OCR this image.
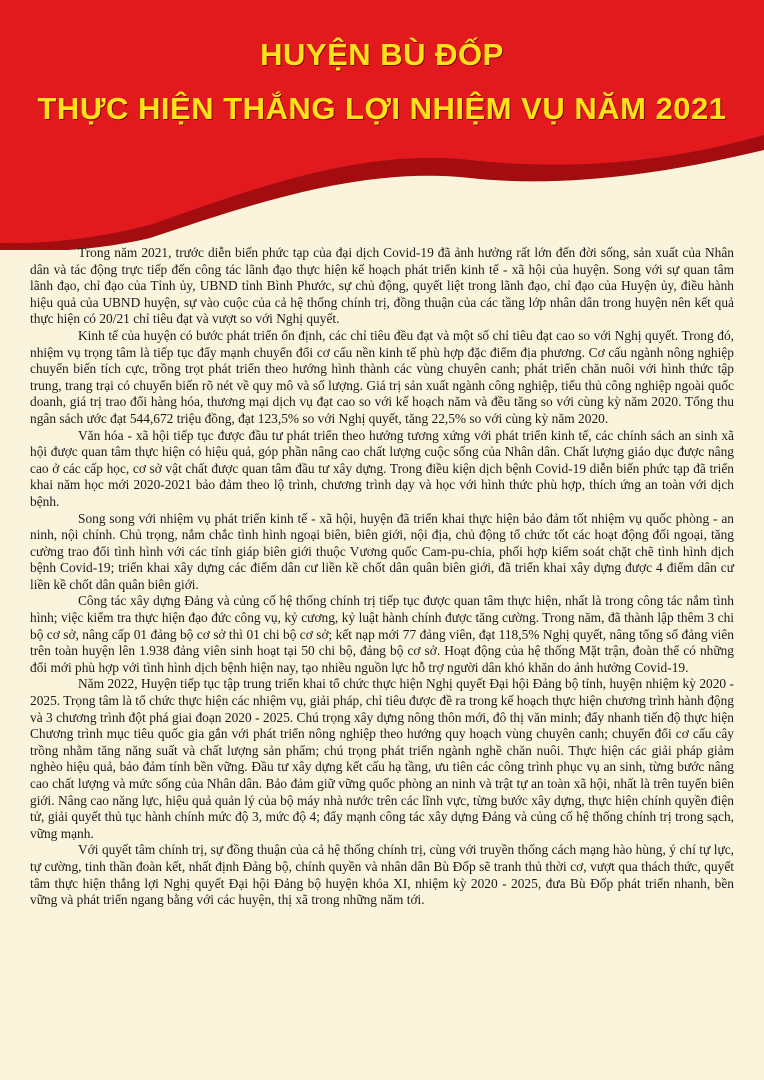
HUYỆN BÙ ĐỐP
THỰC HIỆN THẮNG LỢI NHIỆM VỤ NĂM 2021

Trong năm 2021, trước diễn biến phức tạp của đại dịch Covid-19 đã ảnh hưởng rất lớn đến đời sống, sản xuất của Nhân dân và tác động trực tiếp đến công tác lãnh đạo thực hiện kế hoạch phát triển kinh tế - xã hội của huyện. Song với sự quan tâm lãnh đạo, chỉ đạo của Tỉnh ủy, UBND tỉnh Bình Phước, sự chủ động, quyết liệt trong lãnh đạo, chỉ đạo của Huyện ủy, điều hành hiệu quả của UBND huyện, sự vào cuộc của cả hệ thống chính trị, đồng thuận của các tầng lớp nhân dân trong huyện nên kết quả thực hiện có 20/21 chỉ tiêu đạt và vượt so với Nghị quyết.

Kinh tế của huyện có bước phát triển ổn định, các chỉ tiêu đều đạt và một số chỉ tiêu đạt cao so với Nghị quyết. Trong đó, nhiệm vụ trọng tâm là tiếp tục đẩy mạnh chuyển đổi cơ cấu nền kinh tế phù hợp đặc điểm địa phương. Cơ cấu ngành nông nghiệp chuyển biến tích cực, trồng trọt phát triển theo hướng hình thành các vùng chuyên canh; phát triển chăn nuôi với hình thức tập trung, trang trại có chuyển biến rõ nét về quy mô và số lượng. Giá trị sản xuất ngành công nghiệp, tiểu thủ công nghiệp ngoài quốc doanh, giá trị trao đổi hàng hóa, thương mại dịch vụ đạt cao so với kế hoạch năm và đều tăng so với cùng kỳ năm 2020. Tổng thu ngân sách ước đạt 544,672 triệu đồng, đạt 123,5% so với Nghị quyết, tăng 22,5% so với cùng kỳ năm 2020.

Văn hóa - xã hội tiếp tục được đầu tư phát triển theo hướng tương xứng với phát triển kinh tế, các chính sách an sinh xã hội được quan tâm thực hiện có hiệu quả, góp phần nâng cao chất lượng cuộc sống của Nhân dân. Chất lượng giáo dục được nâng cao ở các cấp học, cơ sở vật chất được quan tâm đầu tư xây dựng. Trong điều kiện dịch bệnh Covid-19 diễn biến phức tạp đã triển khai năm học mới 2020-2021 bảo đảm theo lộ trình, chương trình dạy và học với hình thức phù hợp, thích ứng an toàn với dịch bệnh.

Song song với nhiệm vụ phát triển kinh tế - xã hội, huyện đã triển khai thực hiện bảo đảm tốt nhiệm vụ quốc phòng - an ninh, nội chính. Chủ trọng, nắm chắc tình hình ngoại biên, biên giới, nội địa, chủ động tổ chức tốt các hoạt động đối ngoại, tăng cường trao đổi tình hình với các tỉnh giáp biên giới thuộc Vương quốc Cam-pu-chia, phối hợp kiểm soát chặt chẽ tình hình dịch bệnh Covid-19; triển khai xây dựng các điểm dân cư liền kề chốt dân quân biên giới, đã triển khai xây dựng được 4 điểm dân cư liền kề chốt dân quân biên giới.

Công tác xây dựng Đảng và củng cố hệ thống chính trị tiếp tục được quan tâm thực hiện, nhất là trong công tác nắm tình hình; việc kiểm tra thực hiện đạo đức công vụ, kỷ cương, kỷ luật hành chính được tăng cường. Trong năm, đã thành lập thêm 3 chi bộ cơ sở, nâng cấp 01 đảng bộ cơ sở thì 01 chi bộ cơ sở; kết nạp mới 77 đảng viên, đạt 118,5% Nghị quyết, nâng tổng số đảng viên trên toàn huyện lên 1.938 đảng viên sinh hoạt tại 50 chi bộ, đảng bộ cơ sở. Hoạt động của hệ thống Mặt trận, đoàn thể có những đổi mới phù hợp với tình hình dịch bệnh hiện nay, tạo nhiều nguồn lực hỗ trợ người dân khó khăn do ảnh hưởng Covid-19.

Năm 2022, Huyện tiếp tục tập trung triển khai tổ chức thực hiện Nghị quyết Đại hội Đảng bộ tỉnh, huyện nhiệm kỳ 2020 - 2025. Trọng tâm là tổ chức thực hiện các nhiệm vụ, giải pháp, chỉ tiêu được đề ra trong kế hoạch thực hiện chương trình hành động và 3 chương trình đột phá giai đoạn 2020 - 2025. Chú trọng xây dựng nông thôn mới, đô thị văn minh; đẩy nhanh tiến độ thực hiện Chương trình mục tiêu quốc gia gắn với phát triển nông nghiệp theo hướng quy hoạch vùng chuyên canh; chuyển đổi cơ cấu cây trồng nhằm tăng năng suất và chất lượng sản phẩm; chú trọng phát triển ngành nghề chăn nuôi. Thực hiện các giải pháp giảm nghèo hiệu quả, bảo đảm tính bền vững. Đầu tư xây dựng kết cấu hạ tầng, ưu tiên các công trình phục vụ an sinh, từng bước nâng cao chất lượng và mức sống của Nhân dân. Bảo đảm giữ vững quốc phòng an ninh và trật tự an toàn xã hội, nhất là trên tuyến biên giới. Nâng cao năng lực, hiệu quả quản lý của bộ máy nhà nước trên các lĩnh vực, từng bước xây dựng, thực hiện chính quyền điện tử, giải quyết thủ tục hành chính mức độ 3, mức độ 4; đẩy mạnh công tác xây dựng Đảng và củng cố hệ thống chính trị trong sạch, vững mạnh.

Với quyết tâm chính trị, sự đồng thuận của cả hệ thống chính trị, cùng với truyền thống cách mạng hào hùng, ý chí tự lực, tự cường, tinh thần đoàn kết, nhất định Đảng bộ, chính quyền và nhân dân Bù Đốp sẽ tranh thủ thời cơ, vượt qua thách thức, quyết tâm thực hiện thắng lợi Nghị quyết Đại hội Đảng bộ huyện khóa XI, nhiệm kỳ 2020 - 2025, đưa Bù Đốp phát triển nhanh, bền vững và phát triển ngang bằng với các huyện, thị xã trong những năm tới.
